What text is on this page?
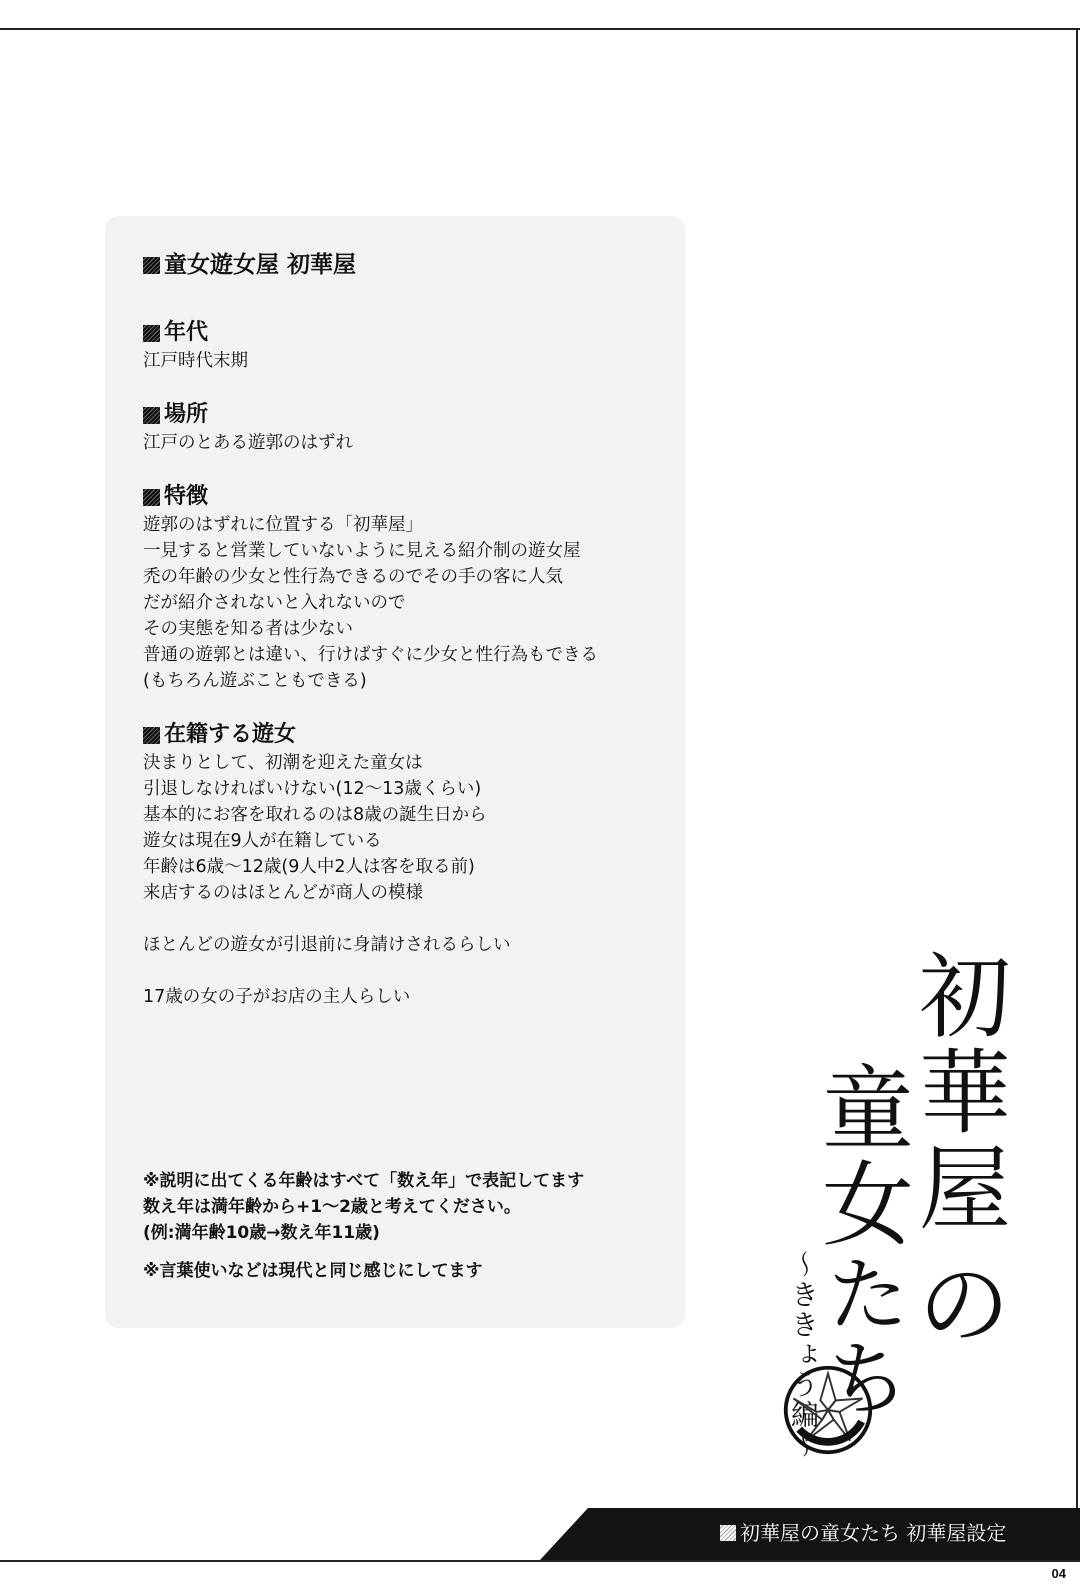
童女遊女屋 初華屋
年代

江戸時代末期

場所

江戸のとある遊郭のはずれ

特徴

遊郭のはずれに位置する「初華屋」

一見すると営業していないように見える紹介制の遊女屋

禿の年齢の少女と性行為できるのでその手の客に人気

だが紹介されないと入れないので

その実態を知る者は少ない

普通の遊郭とは違い、行けばすぐに少女と性行為もできる

(もちろん遊ぶこともできる)

在籍する遊女

決まりとして、初潮を迎えた童女は

引退しなければいけない(12〜13歳くらい)

基本的にお客を取れるのは8歳の誕生日から

遊女は現在9人が在籍している

年齢は6歳〜12歳(9人中2人は客を取る前)

来店するのはほとんどが商人の模様

ほとんどの遊女が引退前に身請けされるらしい

17歳の女の子がお店の主人らしい

※説明に出てくる年齢はすべて「数え年」で表記してます

数え年は満年齢から+1〜2歳と考えてください。

(例:満年齢10歳→数え年11歳)

※言葉使いなどは現代と同じ感じにしてます

初
華
屋
の
童
女
た
ち
〜ききょう編〜
初華屋の童女たち 初華屋設定
04
